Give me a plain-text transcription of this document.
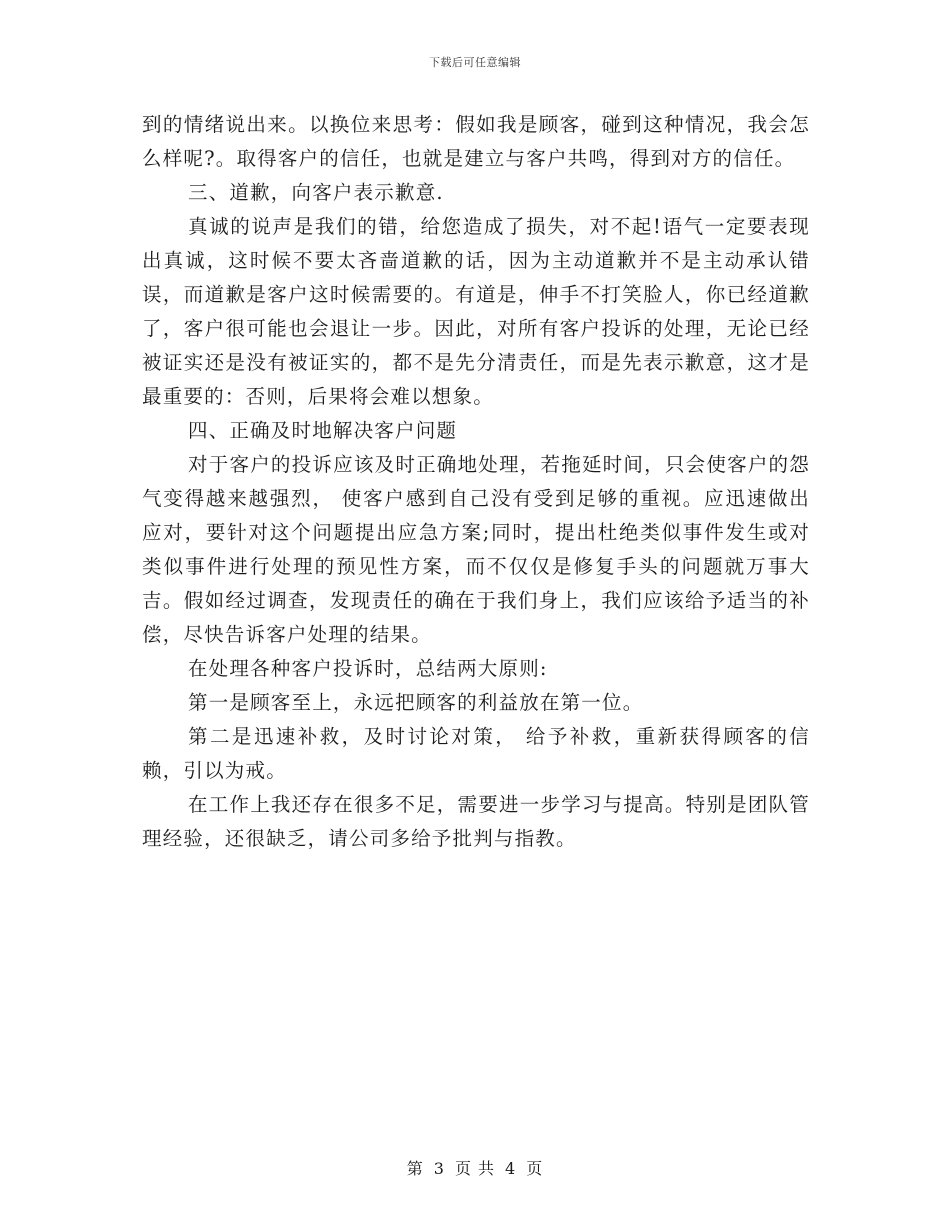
下载后可任意编辑

到的情绪说出来。以换位来思考：假如我是顾客，碰到这种情况，我会怎么样呢?。取得客户的信任，也就是建立与客户共鸣，得到对方的信任。

三、道歉，向客户表示歉意.

真诚的说声是我们的错，给您造成了损失，对不起!语气一定要表现出真诚，这时候不要太吝啬道歉的话，因为主动道歉并不是主动承认错误，而道歉是客户这时候需要的。有道是，伸手不打笑脸人，你已经道歉了，客户很可能也会退让一步。因此，对所有客户投诉的处理，无论已经被证实还是没有被证实的，都不是先分清责任，而是先表示歉意，这才是最重要的：否则，后果将会难以想象。

四、正确及时地解决客户问题

对于客户的投诉应该及时正确地处理，若拖延时间，只会使客户的怨气变得越来越强烈， 使客户感到自己没有受到足够的重视。应迅速做出应对，要针对这个问题提出应急方案;同时，提出杜绝类似事件发生或对类似事件进行处理的预见性方案，而不仅仅是修复手头的问题就万事大吉。假如经过调查，发现责任的确在于我们身上，我们应该给予适当的补偿，尽快告诉客户处理的结果。

在处理各种客户投诉时，总结两大原则:

第一是顾客至上，永远把顾客的利益放在第一位。

第二是迅速补救，及时讨论对策， 给予补救，重新获得顾客的信赖，引以为戒。

在工作上我还存在很多不足，需要进一步学习与提高。特别是团队管理经验，还很缺乏，请公司多给予批判与指教。

第 3 页 共 4 页
